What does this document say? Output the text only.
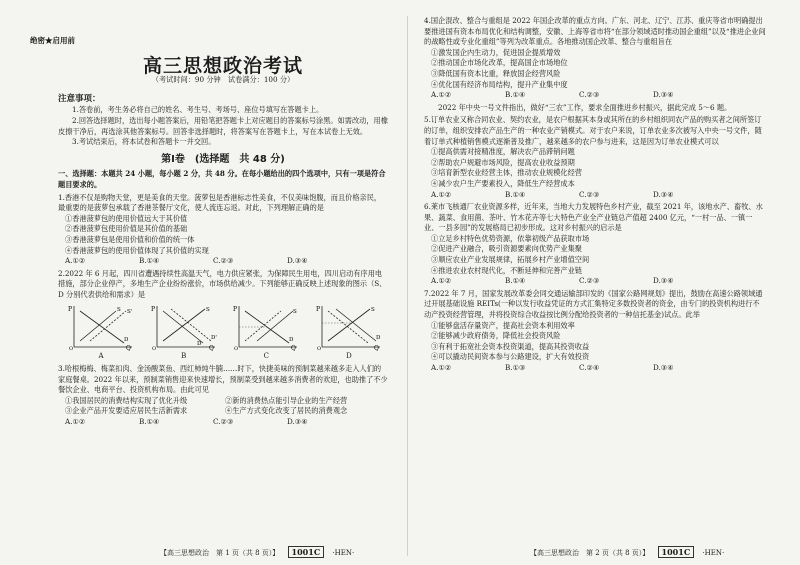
绝密★启用前
高三思想政治考试
（考试时间：90 分钟　试卷满分：100 分）
注意事项：

1.答卷前，考生务必将自己的姓名、考生号、考场号、座位号填写在答题卡上。

2.回答选择题时，选出每小题答案后，用铅笔把答题卡上对应题目的答案标号涂黑。如需改动，用橡皮擦干净后，再选涂其他答案标号。回答非选择题时，将答案写在答题卡上，写在本试卷上无效。

3.考试结束后，将本试卷和答题卡一并交回。

第Ⅰ卷　(选择题　共 48 分)

一、选择题：本题共 24 小题，每小题 2 分，共 48 分。在每小题给出的四个选项中，只有一项是符合题目要求的。

1.香港不仅是购物天堂，更是美食的天堂。菠萝包是香港标志性美食，不仅美味饱腹，而且价格亲民，最重要的是菠萝包承载了香港茶餐厅文化，使人流连忘返。对此，下列理解正确的是

①香港菠萝包的使用价值远大于其价值

②香港菠萝包使用价值是其价值的基础

③香港菠萝包是使用价值和价值的统一体

④香港菠萝包的使用价值体现了其价值的实现

A.①②	B.①④	C.②③	D.③④

2.2022 年 6 月起，四川省遭遇持续性高温天气，电力供应紧张，为保障民生用电，四川启动有序用电措施，部分企业停产，多地生产企业纷纷涨价，市场供给减少。下列能够正确反映上述现象的图示（S、D 分别代表供给和需求）是

P
Q
O
D
S S'
A
P
Q
O
S
D
D'
B
P
Q
O
D
S
C
P
Q
O
S
D
D

3.哈根梅梅、梅菜扣肉、金汤酸菜鱼、西红柿炖牛腩……时下，快捷美味的预制菜越来越多走入人们的家庭餐桌。2022 年以来，预制菜销售迎来快速增长，预制菜受到越来越多消费者的欢迎，也助推了不少餐饮企业、电商平台、投资机构布局。由此可见

①我国居民的消费结构实现了优化升级	②新的消费热点能引导企业的生产经营
③企业产品开发要适应居民生活新需求	④生产方式变化改变了居民的消费观念
A.①②	B.①④	C.②③	D.③④

4.国企混改、整合与重组是 2022 年国企改革的重点方向。广东、河北、辽宁、江苏、重庆等省市明确提出要推进国有资本布局优化和结构调整，安徽、上海等省市将“在部分领域适时推动国企重组”以及“推进企业间的战略性或专业化重组”等列为改革重点。各地推动国企改革、整合与重组旨在

①激发国企内生动力，促进国企提质增效

②推动国企市场化改革，提高国企市场地位

③降低国有资本比重，释放国企经营风险

④优化国有经济布局结构，提升产业集中度

A.①②	B.①④	C.②③	D.③④

2022 年中央一号文件指出，做好“三农”工作，要求全面推进乡村振兴，据此完成 5～6 题。

5.订单农业又称合同农业、契约农业，是农户根据其本身或其所在的乡村组织同农产品的购买者之间所签订的订单，组织安排农产品生产的一种农业产销模式。对于农户来说，订单农业多次被写入中央一号文件，随着订单式种植销售模式逐渐普及推广，越来越多的农户参与进来，这是因为订单农业模式可以

①提高供需对接精准度，解决农产品滞销问题

②帮助农户规避市场风险，提高农业收益预期

③培育新型农业经营主体，推动农业规模化经营

④减少农户生产要素投入，降低生产经营成本

A.①②	B.①④	C.②③	D.③④

6.莱市飞核通厂农业资源多样，近年来，当地大力发展特色乡村产业，截至 2021 年，该地水产、畜牧、水果、蔬菜、食用菌、茶叶、竹木花卉等七大特色产业全产业链总产值超 2400 亿元，“一村一品、一镇一业、一县多园”的发展格局已初步形成。这对乡村振兴的启示是

①立足乡村特色优势资源，依靠初级产品获取市场

②促进产业融合，吸引资源要素向优势产业集聚

③顺应农业产业发展规律，拓展乡村产业增值空间

④推进农业农村现代化，不断延伸和完善产业链

A.①②	B.①④	C.②③	D.③④

7.2022 年 7 月，国家发展改革委会同交通运输部印发的《国家公路网规划》提出，鼓励在高速公路领域通过开展基础设施 REITs(一种以发行收益凭证的方式汇集特定多数投资者的资金，由专门的投资机构进行不动产投资经营管理，并将投资综合收益按比例分配给投资者的一种信托基金)试点。此举

①能够盘活存量资产，提高社会资本利用效率

②能够减少政府债务，降低社会投资风险

③有利于拓宽社会资本投资渠道，提高其投资收益

④可以撬动民间资本参与公路建设，扩大有效投资

A.①②	B.①③	C.②④	D.③④
【高三思想政治　第 1 页（共 8 页）】 1001C ·HEN·	【高三思想政治　第 2 页（共 8 页）】 1001C ·HEN·
